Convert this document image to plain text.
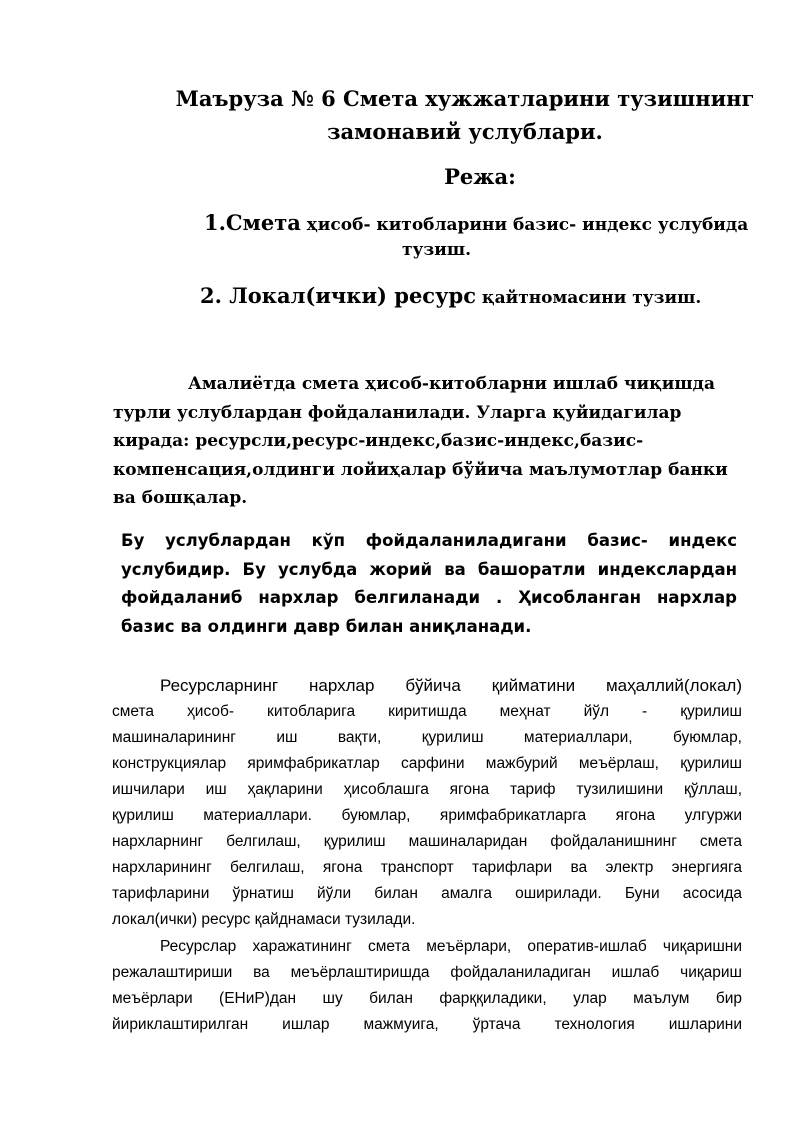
Маъруза № 6 Смета хужжатларини тузишнинг
замонавий услублари.
Режа:

1.Смета ҳисоб- китобларини базис- индекс услубида

тузиш.

2. Локал(ички) ресурс қайтномасини тузиш.

Амалиётда смета ҳисоб-китобларни ишлаб чиқишда
турли услублардан фойдаланилади. Уларга қуйидагилар
кирада: ресурсли,ресурс-индекс,базис-индекс,базис-
компенсация,олдинги лойиҳалар бўйича маълумотлар банки
ва бошқалар.
Бу услублардан кўп фойдаланиладигани базис- индекс
услубидир. Бу услубда жорий ва башоратли индекслардан
фойдаланиб нархлар белгиланади . Ҳисобланган нархлар
базис ва олдинги давр билан аниқланади.
Ресурсларнинг нархлар бўйича қийматини маҳаллий(локал)
смета ҳисоб- китобларига киритишда меҳнат йўл - қурилиш
машиналарининг иш вақти, қурилиш материаллари, буюмлар,
конструкциялар яримфабрикатлар сарфини мажбурий меъёрлаш, қурилиш
ишчилари иш ҳақларини ҳисоблашга ягона тариф тузилишини қўллаш,
қурилиш материаллари. буюмлар, яримфабрикатларга ягона улгуржи
нархларнинг белгилаш, қурилиш машиналаридан фойдаланишнинг смета
нархларининг белгилаш, ягона транспорт тарифлари ва электр энергияга
тарифларини ўрнатиш йўли билан амалга оширилади. Буни асосида
локал(ички) ресурс қайднамаси тузилади.
Ресурслар харажатининг смета меъёрлари, оператив-ишлаб чиқаришни
режалаштириши ва меъёрлаштиришда фойдаланиладиган ишлаб чиқариш
меъёрлари (ЕНиР)дан шу билан фарққиладики, улар маълум бир
йириклаштирилган ишлар мажмуига, ўртача технология ишларини
